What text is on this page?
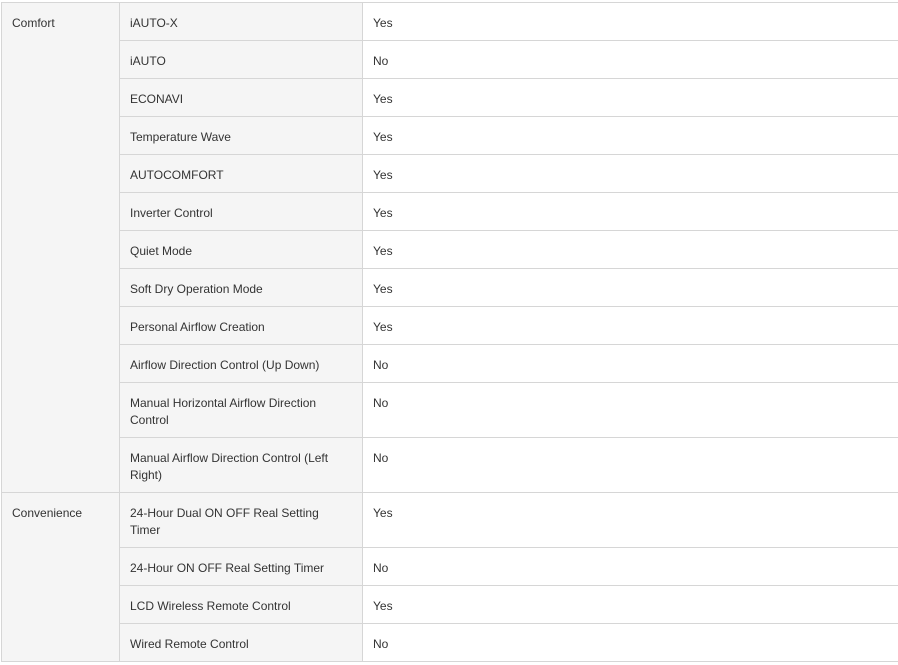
Comfort	iAUTO-X	Yes
	iAUTO	No
	ECONAVI	Yes
	Temperature Wave	Yes
	AUTOCOMFORT	Yes
	Inverter Control	Yes
	Quiet Mode	Yes
	Soft Dry Operation Mode	Yes
	Personal Airflow Creation	Yes
	Airflow Direction Control (Up Down)	No
	Manual Horizontal Airflow Direction Control	No
	Manual Airflow Direction Control (Left Right)	No
Convenience	24-Hour Dual ON OFF Real Setting Timer	Yes
	24-Hour ON OFF Real Setting Timer	No
	LCD Wireless Remote Control	Yes
	Wired Remote Control	No
